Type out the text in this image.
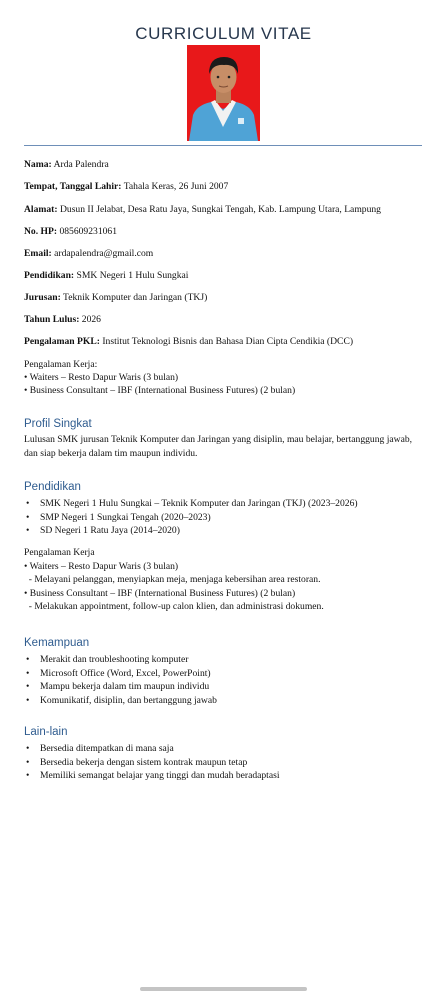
CURRICULUM VITAE
Nama: Arda Palendra
Tempat, Tanggal Lahir: Tahala Keras, 26 Juni 2007
Alamat: Dusun II Jelabat, Desa Ratu Jaya, Sungkai Tengah, Kab. Lampung Utara, Lampung
No. HP: 085609231061
Email: ardapalendra@gmail.com
Pendidikan: SMK Negeri 1 Hulu Sungkai
Jurusan: Teknik Komputer dan Jaringan (TKJ)
Tahun Lulus: 2026
Pengalaman PKL: Institut Teknologi Bisnis dan Bahasa Dian Cipta Cendikia (DCC)
Pengalaman Kerja:
• Waiters – Resto Dapur Waris (3 bulan)
• Business Consultant – IBF (International Business Futures) (2 bulan)
Profil Singkat
Lulusan SMK jurusan Teknik Komputer dan Jaringan yang disiplin, mau belajar, bertanggung jawab, dan siap bekerja dalam tim maupun individu.
Pendidikan
• SMK Negeri 1 Hulu Sungkai – Teknik Komputer dan Jaringan (TKJ) (2023–2026)
• SMP Negeri 1 Sungkai Tengah (2020–2023)
• SD Negeri 1 Ratu Jaya (2014–2020)
Pengalaman Kerja
• Waiters – Resto Dapur Waris (3 bulan)
- Melayani pelanggan, menyiapkan meja, menjaga kebersihan area restoran.
• Business Consultant – IBF (International Business Futures) (2 bulan)
- Melakukan appointment, follow-up calon klien, dan administrasi dokumen.
Kemampuan
• Merakit dan troubleshooting komputer
• Microsoft Office (Word, Excel, PowerPoint)
• Mampu bekerja dalam tim maupun individu
• Komunikatif, disiplin, dan bertanggung jawab
Lain-lain
• Bersedia ditempatkan di mana saja
• Bersedia bekerja dengan sistem kontrak maupun tetap
• Memiliki semangat belajar yang tinggi dan mudah beradaptasi
